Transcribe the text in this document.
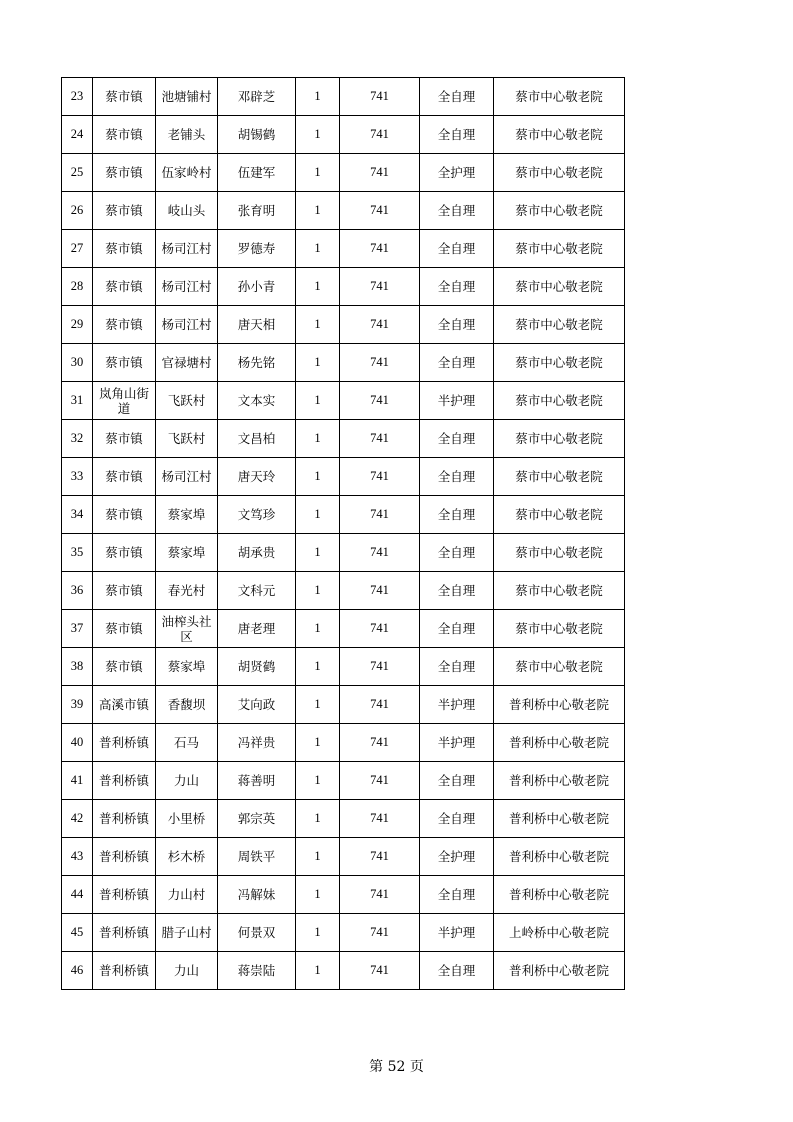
23	蔡市镇	池塘铺村	邓辟芝	1	741	全自理	蔡市中心敬老院
24	蔡市镇	老铺头	胡锡鹤	1	741	全自理	蔡市中心敬老院
25	蔡市镇	伍家岭村	伍建军	1	741	全护理	蔡市中心敬老院
26	蔡市镇	岐山头	张育明	1	741	全自理	蔡市中心敬老院
27	蔡市镇	杨司江村	罗德寿	1	741	全自理	蔡市中心敬老院
28	蔡市镇	杨司江村	孙小青	1	741	全自理	蔡市中心敬老院
29	蔡市镇	杨司江村	唐天相	1	741	全自理	蔡市中心敬老院
30	蔡市镇	官禄塘村	杨先铭	1	741	全自理	蔡市中心敬老院
31	岚角山街道	飞跃村	文本实	1	741	半护理	蔡市中心敬老院
32	蔡市镇	飞跃村	文昌柏	1	741	全自理	蔡市中心敬老院
33	蔡市镇	杨司江村	唐天玲	1	741	全自理	蔡市中心敬老院
34	蔡市镇	蔡家埠	文笃珍	1	741	全自理	蔡市中心敬老院
35	蔡市镇	蔡家埠	胡承贵	1	741	全自理	蔡市中心敬老院
36	蔡市镇	春光村	文科元	1	741	全自理	蔡市中心敬老院
37	蔡市镇	油榨头社区	唐老理	1	741	全自理	蔡市中心敬老院
38	蔡市镇	蔡家埠	胡贤鹤	1	741	全自理	蔡市中心敬老院
39	高溪市镇	香馥坝	艾向政	1	741	半护理	普利桥中心敬老院
40	普利桥镇	石马	冯祥贵	1	741	半护理	普利桥中心敬老院
41	普利桥镇	力山	蒋善明	1	741	全自理	普利桥中心敬老院
42	普利桥镇	小里桥	郭宗英	1	741	全自理	普利桥中心敬老院
43	普利桥镇	杉木桥	周铁平	1	741	全护理	普利桥中心敬老院
44	普利桥镇	力山村	冯解妹	1	741	全自理	普利桥中心敬老院
45	普利桥镇	腊子山村	何景双	1	741	半护理	上岭桥中心敬老院
46	普利桥镇	力山	蒋崇陆	1	741	全自理	普利桥中心敬老院
第 52 页
